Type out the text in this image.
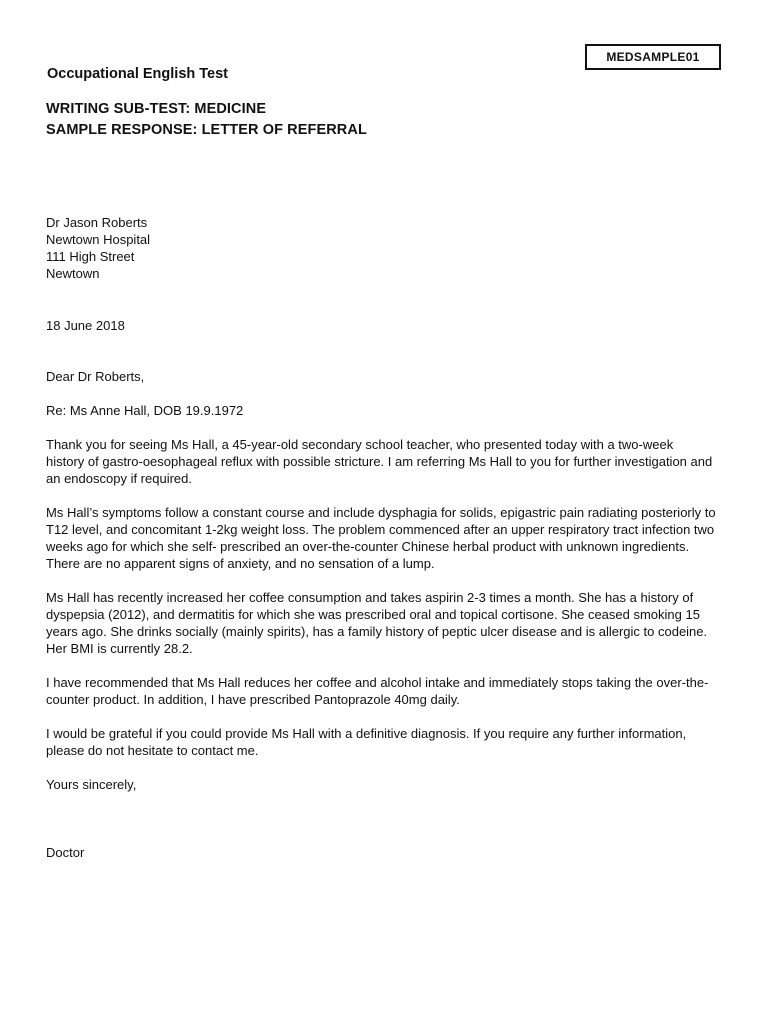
MEDSAMPLE01
Occupational English Test
WRITING SUB-TEST: MEDICINE
SAMPLE RESPONSE: LETTER OF REFERRAL
Dr Jason Roberts
Newtown Hospital
111 High Street
Newtown
18 June 2018
Dear Dr Roberts,
Re: Ms Anne Hall, DOB 19.9.1972

Thank you for seeing Ms Hall, a 45-year-old secondary school teacher, who presented today with a two-week history of gastro-oesophageal reflux with possible stricture. I am referring Ms Hall to you for further investigation and an endoscopy if required.

Ms Hall’s symptoms follow a constant course and include dysphagia for solids, epigastric pain radiating posteriorly to T12 level, and concomitant 1-2kg weight loss. The problem commenced after an upper respiratory tract infection two weeks ago for which she self- prescribed an over-the-counter Chinese herbal product with unknown ingredients. There are no apparent signs of anxiety, and no sensation of a lump.

Ms Hall has recently increased her coffee consumption and takes aspirin 2-3 times a month. She has a history of dyspepsia (2012), and dermatitis for which she was prescribed oral and topical cortisone. She ceased smoking 15 years ago. She drinks socially (mainly spirits), has a family history of peptic ulcer disease and is allergic to codeine. Her BMI is currently 28.2.

I have recommended that Ms Hall reduces her coffee and alcohol intake and immediately stops taking the over-the-counter product. In addition, I have prescribed Pantoprazole 40mg daily.

I would be grateful if you could provide Ms Hall with a definitive diagnosis. If you require any further information, please do not hesitate to contact me.

Yours sincerely,
Doctor
